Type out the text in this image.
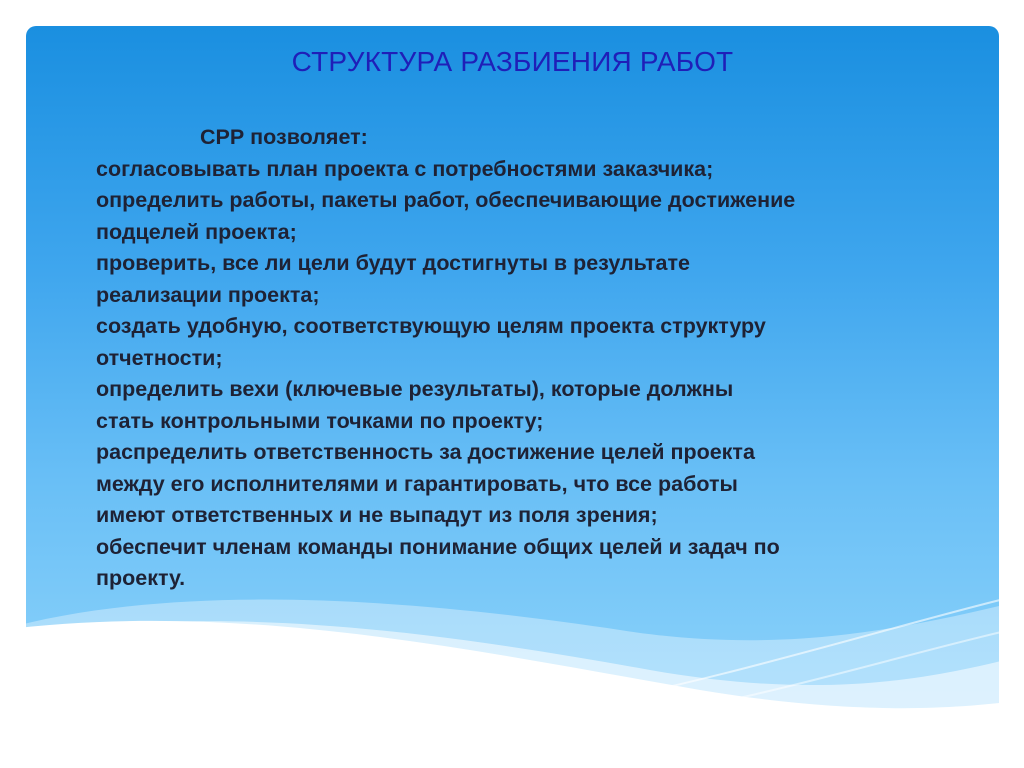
СТРУКТУРА РАЗБИЕНИЯ РАБОТ

СРР позволяет:

согласовывать план проекта с потребностями заказчика;

определить работы, пакеты работ, обеспечивающие достижение

подцелей проекта;

проверить, все ли цели будут достигнуты в результате

реализации проекта;

создать удобную, соответствующую целям проекта структуру

отчетности;

определить вехи (ключевые результаты), которые должны

стать контрольными точками по проекту;

распределить ответственность за достижение целей проекта

между его исполнителями и гарантировать, что все работы

имеют ответственных и не выпадут из поля зрения;

обеспечит членам команды понимание общих целей и задач по

проекту.
